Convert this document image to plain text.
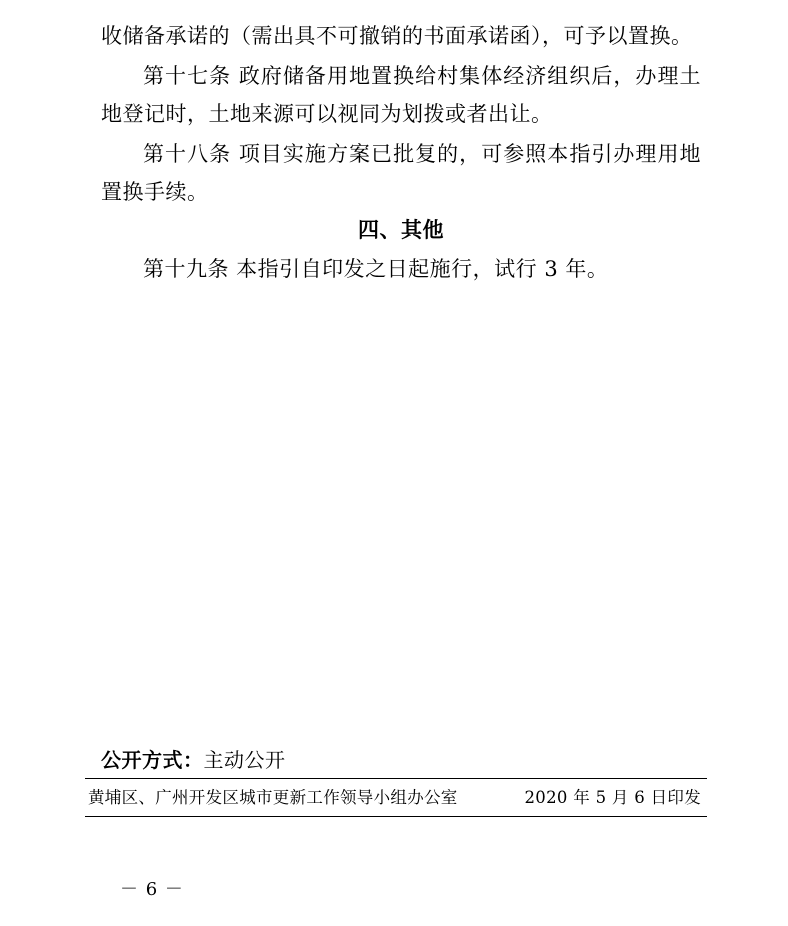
收储备承诺的（需出具不可撤销的书面承诺函），可予以置换。

第十七条 政府储备用地置换给村集体经济组织后，办理土地登记时，土地来源可以视同为划拨或者出让。

第十八条 项目实施方案已批复的，可参照本指引办理用地置换手续。

四、其他

第十九条 本指引自印发之日起施行，试行 3 年。

公开方式：主动公开
黄埔区、广州开发区城市更新工作领导小组办公室	2020 年 5 月 6 日印发
－ 6 －
